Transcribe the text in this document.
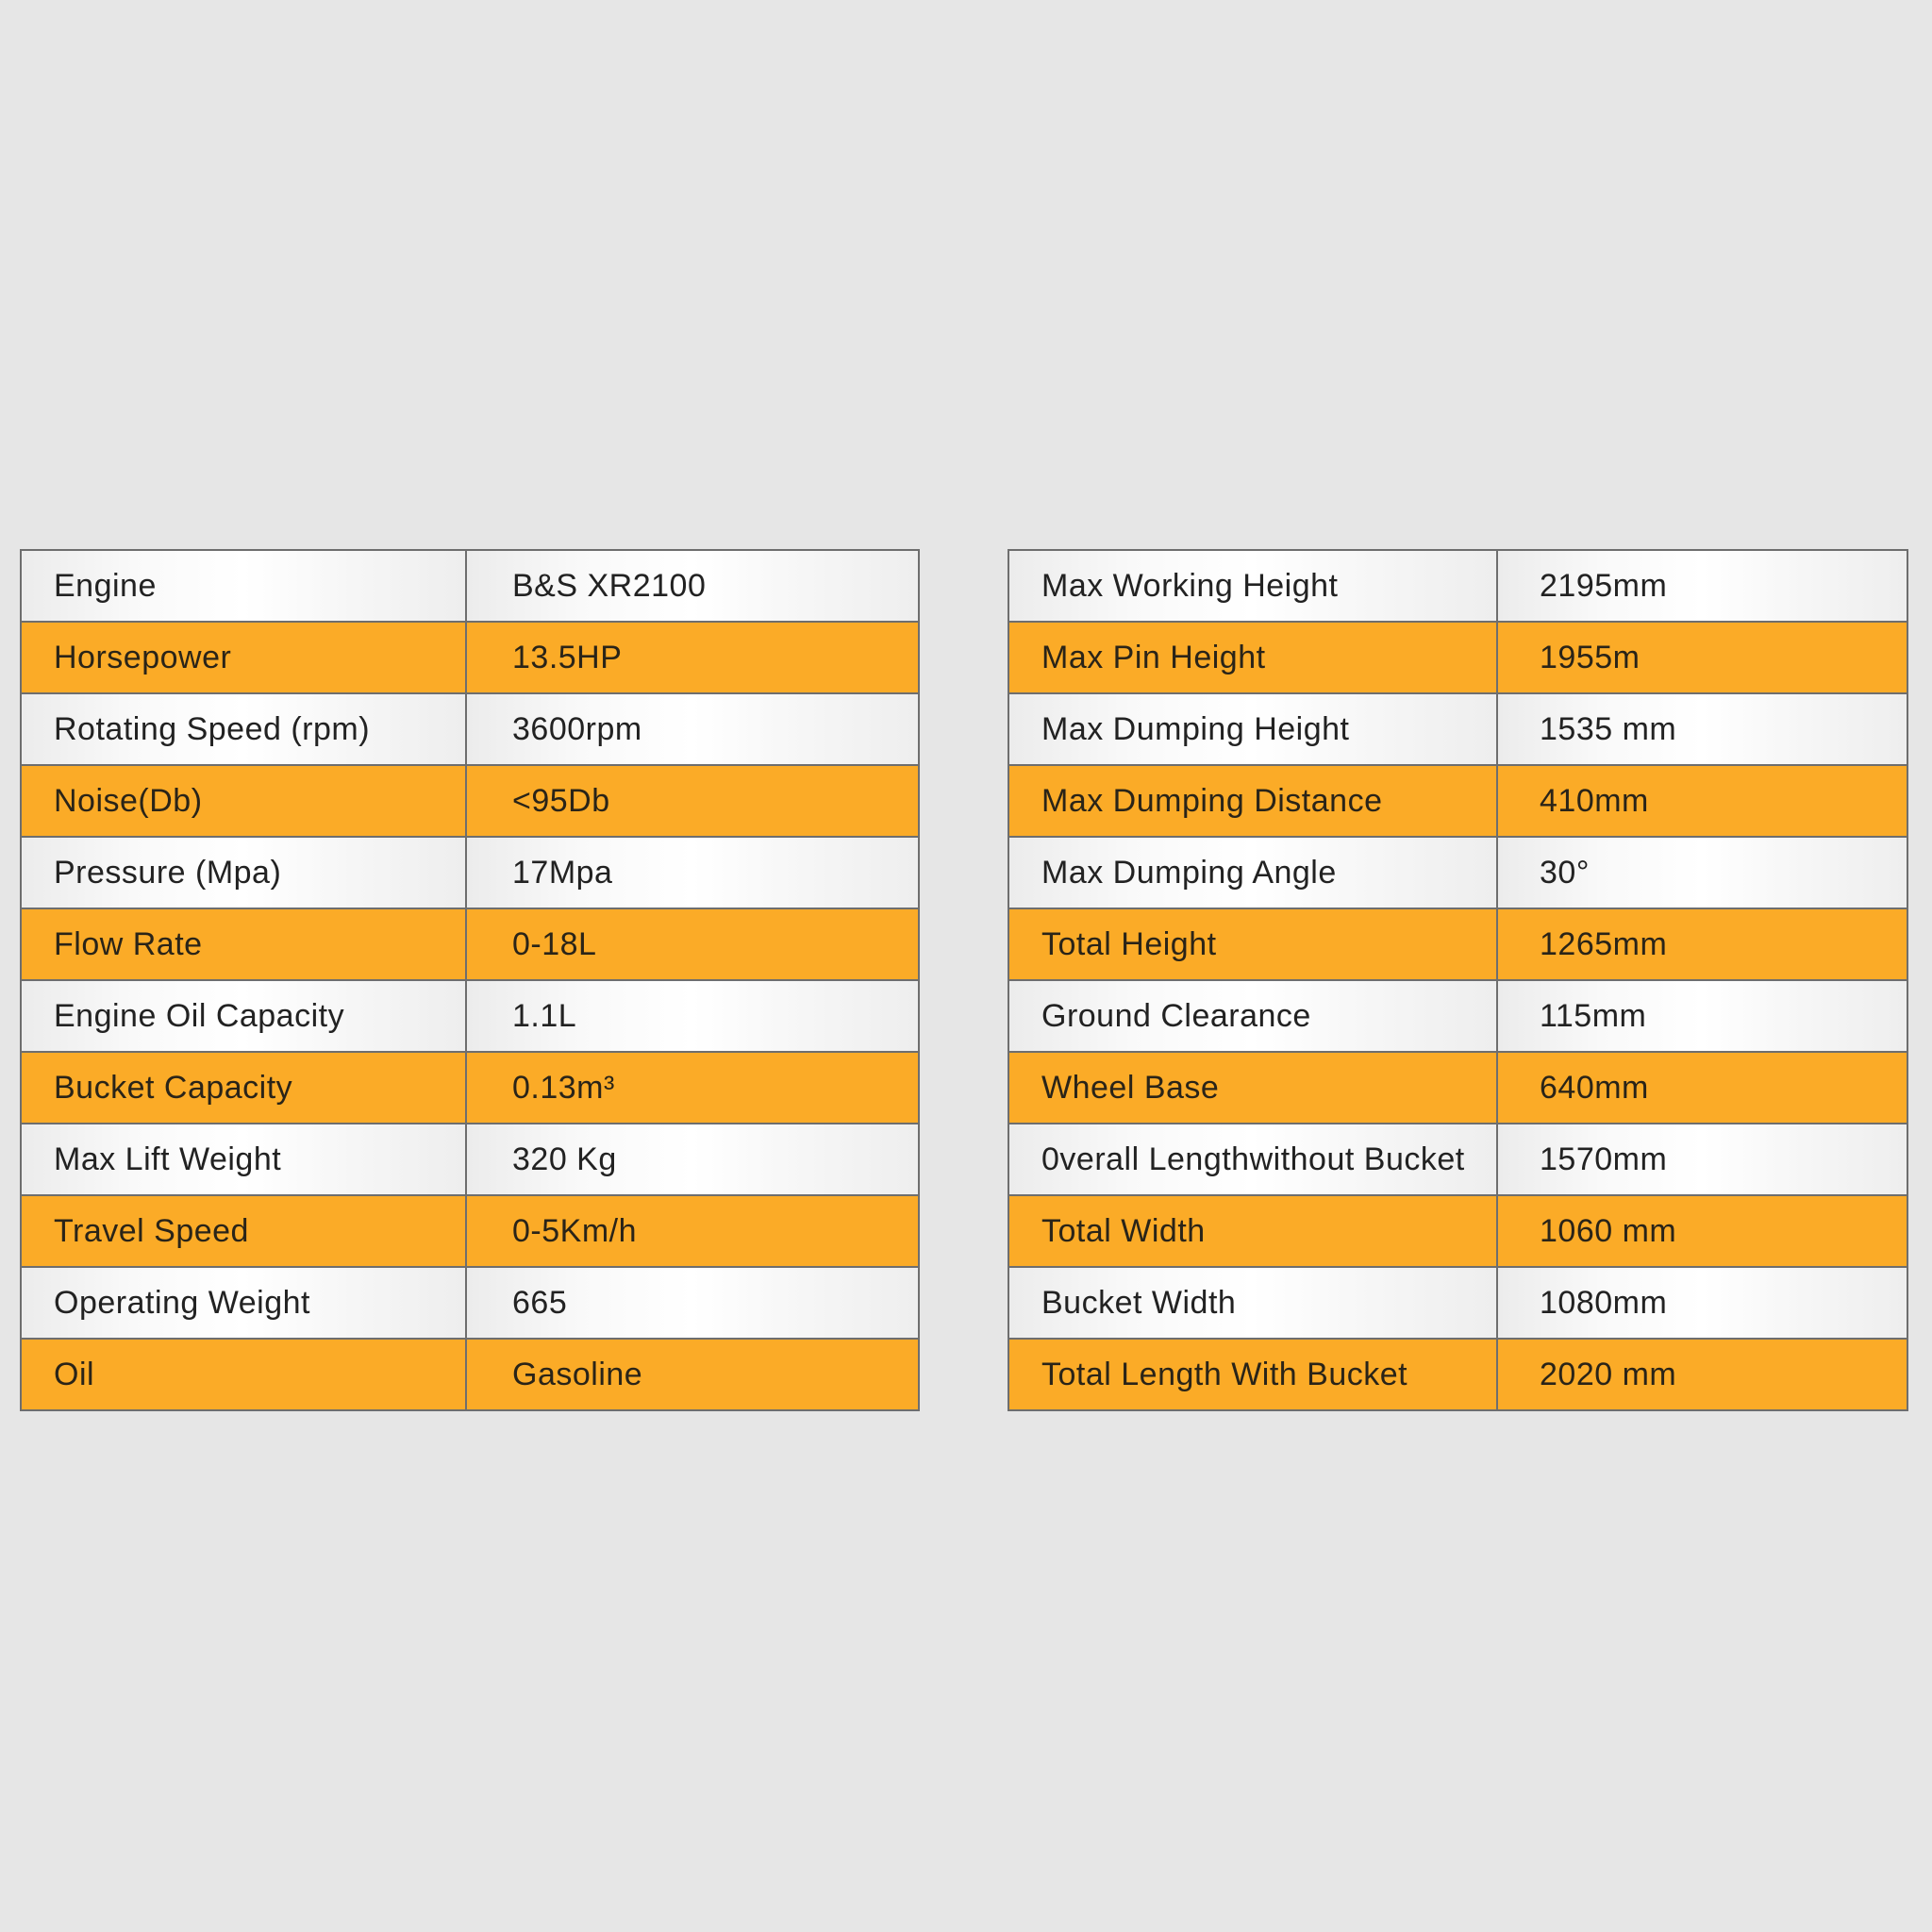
Engine	B&S XR2100
Horsepower	13.5HP
Rotating Speed (rpm)	3600rpm
Noise(Db)	<95Db
Pressure (Mpa)	17Mpa
Flow Rate	0-18L
Engine Oil Capacity	1.1L
Bucket Capacity	0.13m³
Max Lift Weight	320 Kg
Travel Speed	0-5Km/h
Operating Weight	665
Oil	Gasoline
Max Working Height	2195mm
Max Pin Height	1955m
Max Dumping Height	1535 mm
Max Dumping Distance	410mm
Max Dumping Angle	30°
Total Height	1265mm
Ground Clearance	115mm
Wheel Base	640mm
0verall Lengthwithout Bucket	1570mm
Total Width	1060 mm
Bucket Width	1080mm
Total Length With Bucket	2020 mm
